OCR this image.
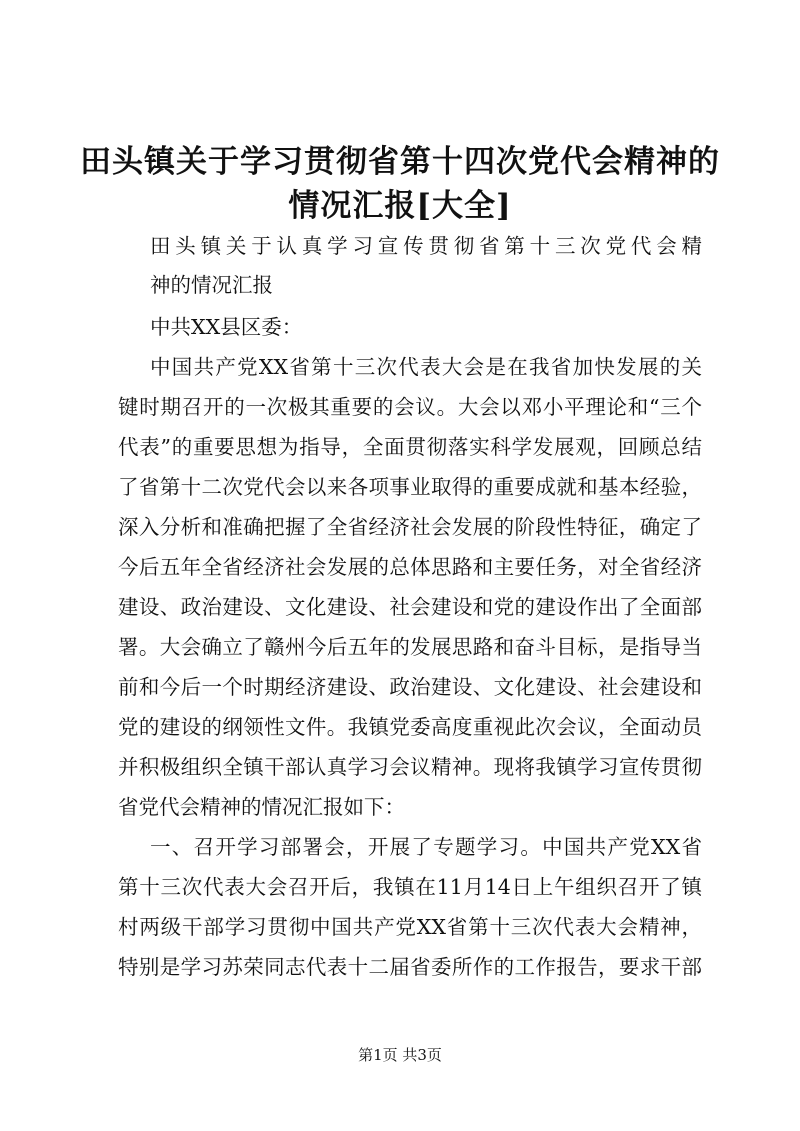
田头镇关于学习贯彻省第十四次党代会精神的
情况汇报[大全]

田头镇关于认真学习宣传贯彻省第十三次党代会精

神的情况汇报

中共XX县区委：

中国共产党XX省第十三次代表大会是在我省加快发展的关

键时期召开的一次极其重要的会议。大会以邓小平理论和“三个

代表”的重要思想为指导，全面贯彻落实科学发展观，回顾总结

了省第十二次党代会以来各项事业取得的重要成就和基本经验，

深入分析和准确把握了全省经济社会发展的阶段性特征，确定了

今后五年全省经济社会发展的总体思路和主要任务，对全省经济

建设、政治建设、文化建设、社会建设和党的建设作出了全面部

署。大会确立了赣州今后五年的发展思路和奋斗目标，是指导当

前和今后一个时期经济建设、政治建设、文化建设、社会建设和

党的建设的纲领性文件。我镇党委高度重视此次会议，全面动员

并积极组织全镇干部认真学习会议精神。现将我镇学习宣传贯彻

省党代会精神的情况汇报如下：

一、召开学习部署会，开展了专题学习。中国共产党XX省

第十三次代表大会召开后，我镇在11月14日上午组织召开了镇

村两级干部学习贯彻中国共产党XX省第十三次代表大会精神，

特别是学习苏荣同志代表十二届省委所作的工作报告，要求干部

第1页 共3页
